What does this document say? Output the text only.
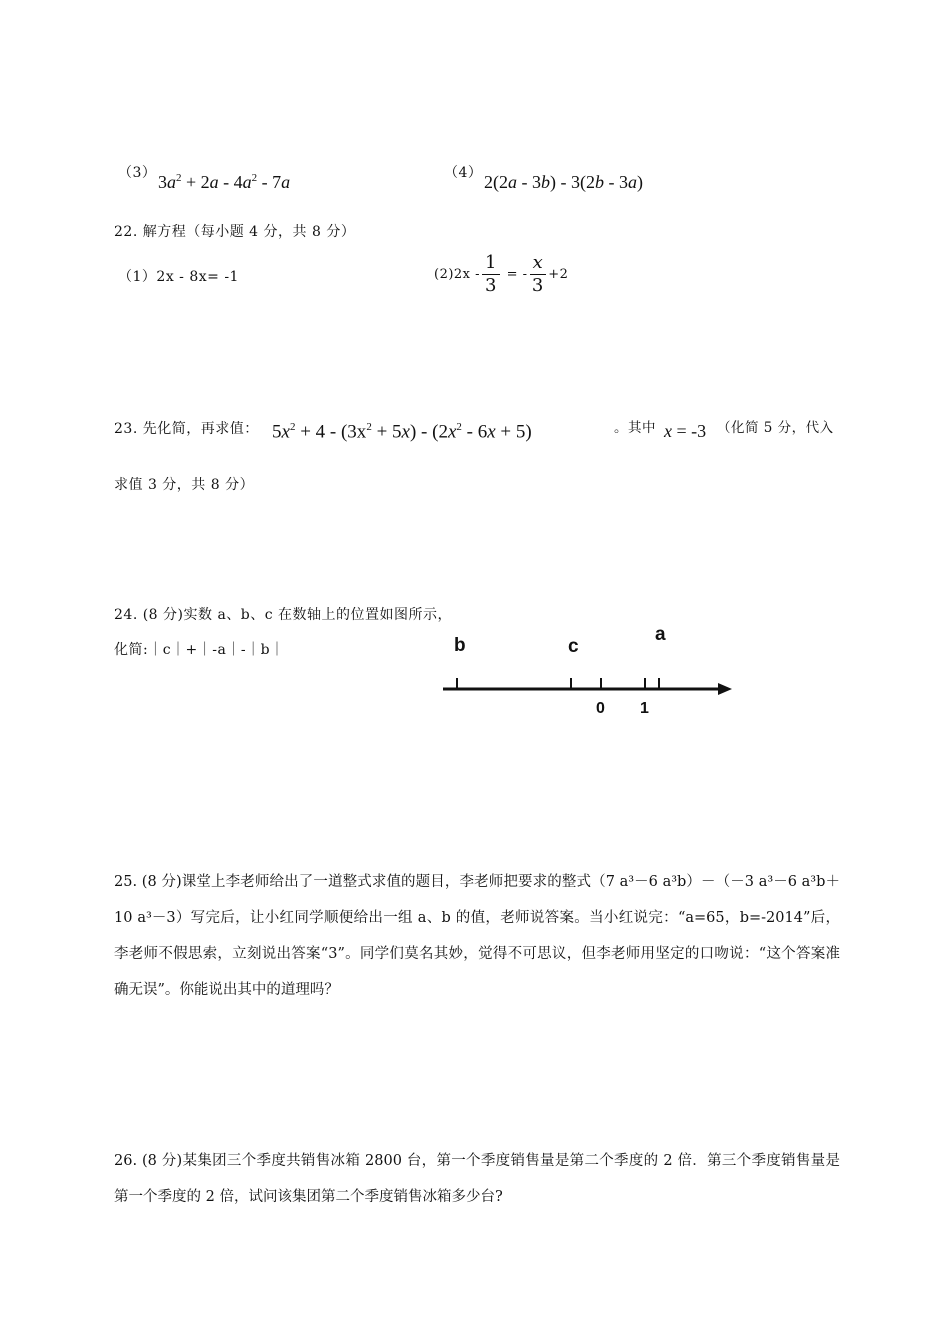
（3） $3a^2 + 2a - 4a^2 - 7a$	（4） 2(2a - 3b) - 3(2b - 3a)
22. 解方程（每小题 4 分，共 8 分）
（1）2x - 8x= -1	$(2)2x - \frac{1}{3}$ = - $\frac{x}{3} +2$
23. 先化简，再求值： $5x^2 + 4 - (3x^2 + 5x) - (2x^2 - 6x + 5)$	。其中 x = -3 （化简 5 分，代入
求值 3 分，共 8 分）
24. (8 分)实数 a、b、c 在数轴上的位置如图所示，
化简:｜c｜+｜-a｜-｜b｜	b	c
a
0 1
25. (8 分)课堂上李老师给出了一道整式求值的题目，李老师把要求的整式（7 a³－6 a³b）－（－3 a³－6 a³b＋10 a³－3）写完后，让小红同学顺便给出一组 a、b 的值，老师说答案。当小红说完：“a=65，b=-2014”后，李老师不假思索，立刻说出答案“3”。同学们莫名其妙，觉得不可思议，但李老师用坚定的口吻说：“这个答案准确无误”。你能说出其中的道理吗？
26. (8 分)某集团三个季度共销售冰箱 2800 台，第一个季度销售量是第二个季度的 2 倍．第三个季度销售量是第一个季度的 2 倍，试问该集团第二个季度销售冰箱多少台?
